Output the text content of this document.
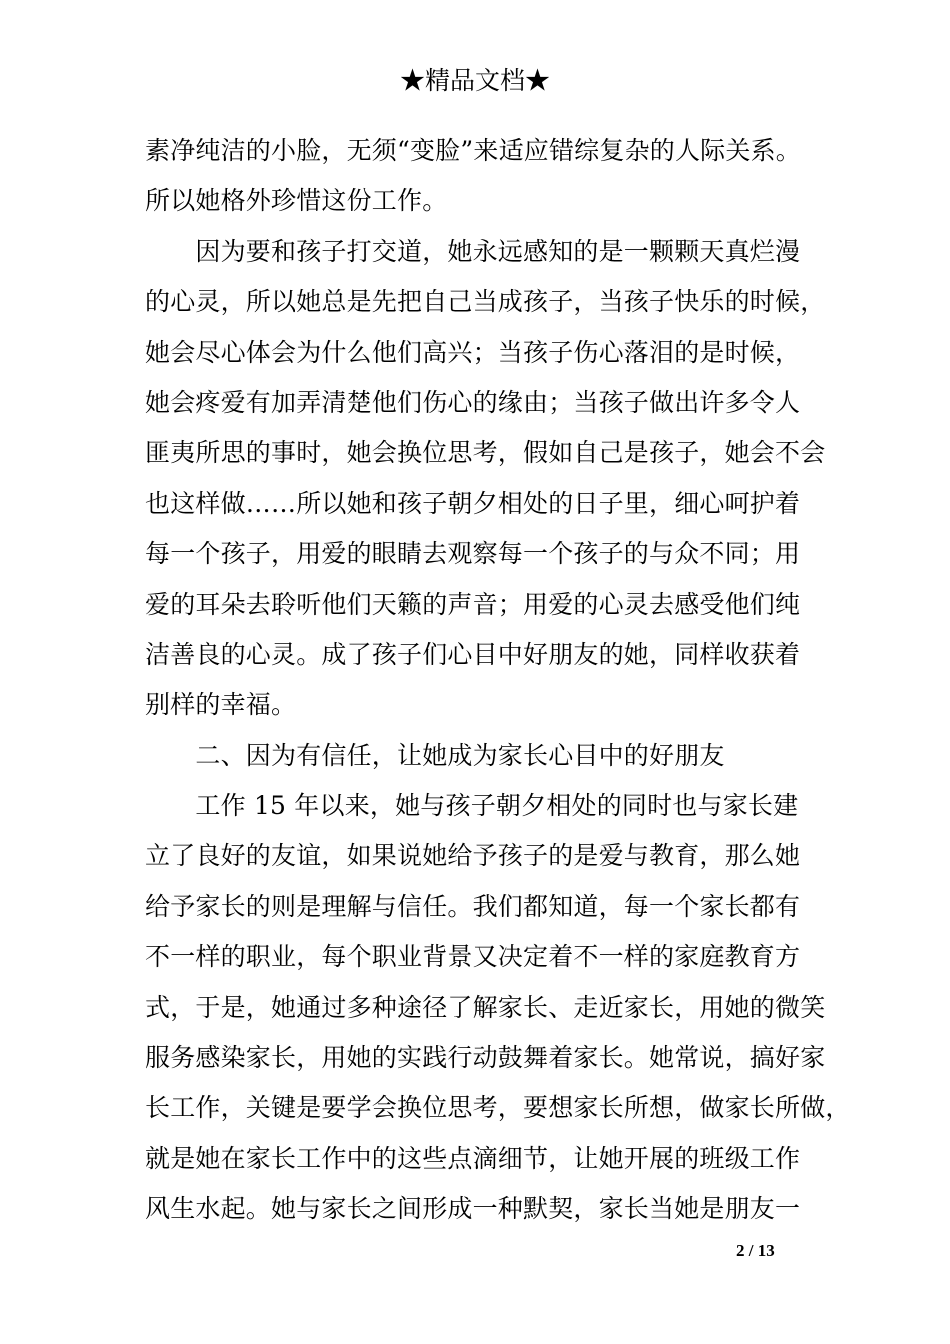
★精品文档★
素净纯洁的小脸，无须“变脸”来适应错综复杂的人际关系。
所以她格外珍惜这份工作。
　　因为要和孩子打交道，她永远感知的是一颗颗天真烂漫
的心灵，所以她总是先把自己当成孩子，当孩子快乐的时候，
她会尽心体会为什么他们高兴；当孩子伤心落泪的是时候，
她会疼爱有加弄清楚他们伤心的缘由；当孩子做出许多令人
匪夷所思的事时，她会换位思考，假如自己是孩子，她会不会
也这样做……所以她和孩子朝夕相处的日子里，细心呵护着
每一个孩子，用爱的眼睛去观察每一个孩子的与众不同；用
爱的耳朵去聆听他们天籁的声音；用爱的心灵去感受他们纯
洁善良的心灵。成了孩子们心目中好朋友的她，同样收获着
别样的幸福。
　　二、因为有信任，让她成为家长心目中的好朋友
　　工作 15 年以来，她与孩子朝夕相处的同时也与家长建
立了良好的友谊，如果说她给予孩子的是爱与教育，那么她
给予家长的则是理解与信任。我们都知道，每一个家长都有
不一样的职业，每个职业背景又决定着不一样的家庭教育方
式，于是，她通过多种途径了解家长、走近家长，用她的微笑
服务感染家长，用她的实践行动鼓舞着家长。她常说，搞好家
长工作，关键是要学会换位思考，要想家长所想，做家长所做，
就是她在家长工作中的这些点滴细节，让她开展的班级工作
风生水起。她与家长之间形成一种默契，家长当她是朋友一
2 / 13
